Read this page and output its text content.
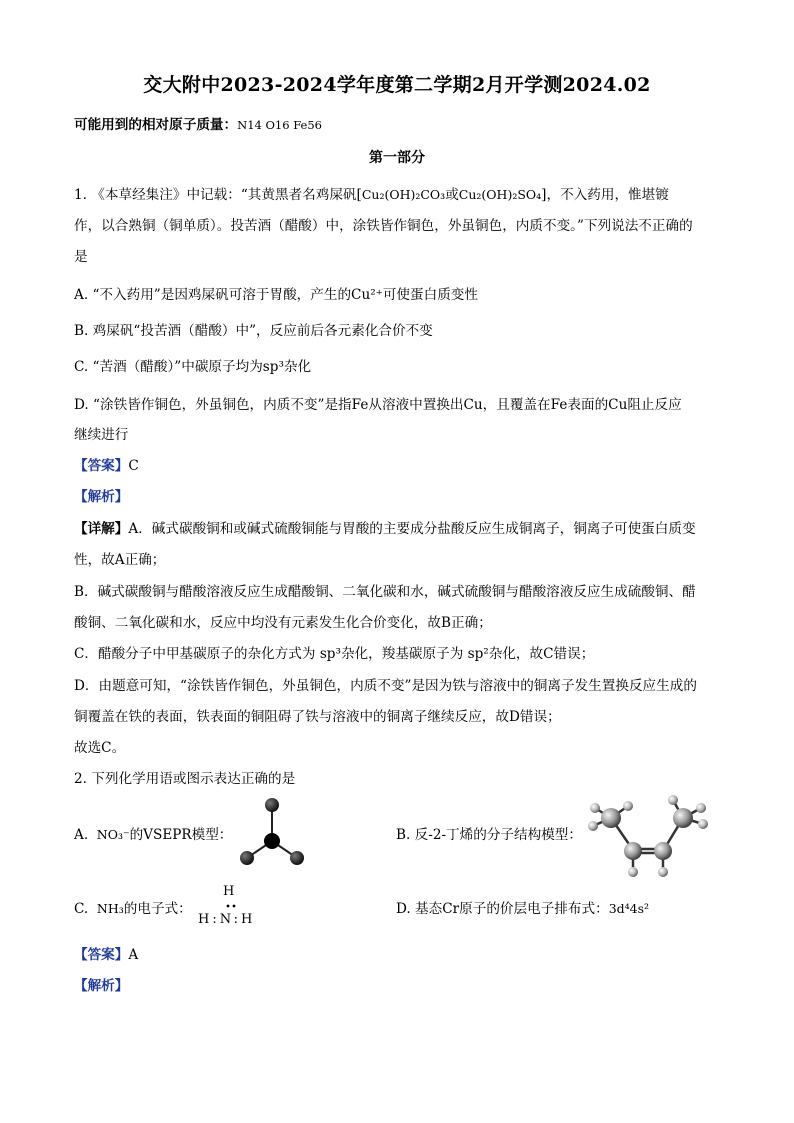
交大附中2023-2024学年度第二学期2月开学测2024.02
可能用到的相对原子质量：N14 O16 Fe56
第一部分
1. 《本草经集注》中记载：“其黄黑者名鸡屎矾[Cu₂(OH)₂CO₃或Cu₂(OH)₂SO₄]，不入药用，惟堪镀
作，以合熟铜（铜单质）。投苦酒（醋酸）中，涂铁皆作铜色，外虽铜色，内质不变。”下列说法不正确的
是
A. “不入药用”是因鸡屎矾可溶于胃酸，产生的Cu²⁺可使蛋白质变性
B. 鸡屎矾“投苦酒（醋酸）中”，反应前后各元素化合价不变
C. “苦酒（醋酸）”中碳原子均为sp³杂化
D. “涂铁皆作铜色，外虽铜色，内质不变”是指Fe从溶液中置换出Cu，且覆盖在Fe表面的Cu阻止反应
继续进行
【答案】C
【解析】
【详解】A．碱式碳酸铜和或碱式硫酸铜能与胃酸的主要成分盐酸反应生成铜离子，铜离子可使蛋白质变
性，故A正确；
B．碱式碳酸铜与醋酸溶液反应生成醋酸铜、二氧化碳和水，碱式硫酸铜与醋酸溶液反应生成硫酸铜、醋
酸铜、二氧化碳和水，反应中均没有元素发生化合价变化，故B正确；
C．醋酸分子中甲基碳原子的杂化方式为 sp³杂化，羧基碳原子为 sp²杂化，故C错误；
D．由题意可知，“涂铁皆作铜色，外虽铜色，内质不变”是因为铁与溶液中的铜离子发生置换反应生成的
铜覆盖在铁的表面，铁表面的铜阻碍了铁与溶液中的铜离子继续反应，故D错误；
故选C。
2. 下列化学用语或图示表达正确的是
A. NO₃⁻的VSEPR模型：	B. 反-2-丁烯的分子结构模型：
C. NH₃的电子式：
H
H:N:H
D. 基态Cr原子的价层电子排布式：3d⁴4s²
【答案】A
【解析】
